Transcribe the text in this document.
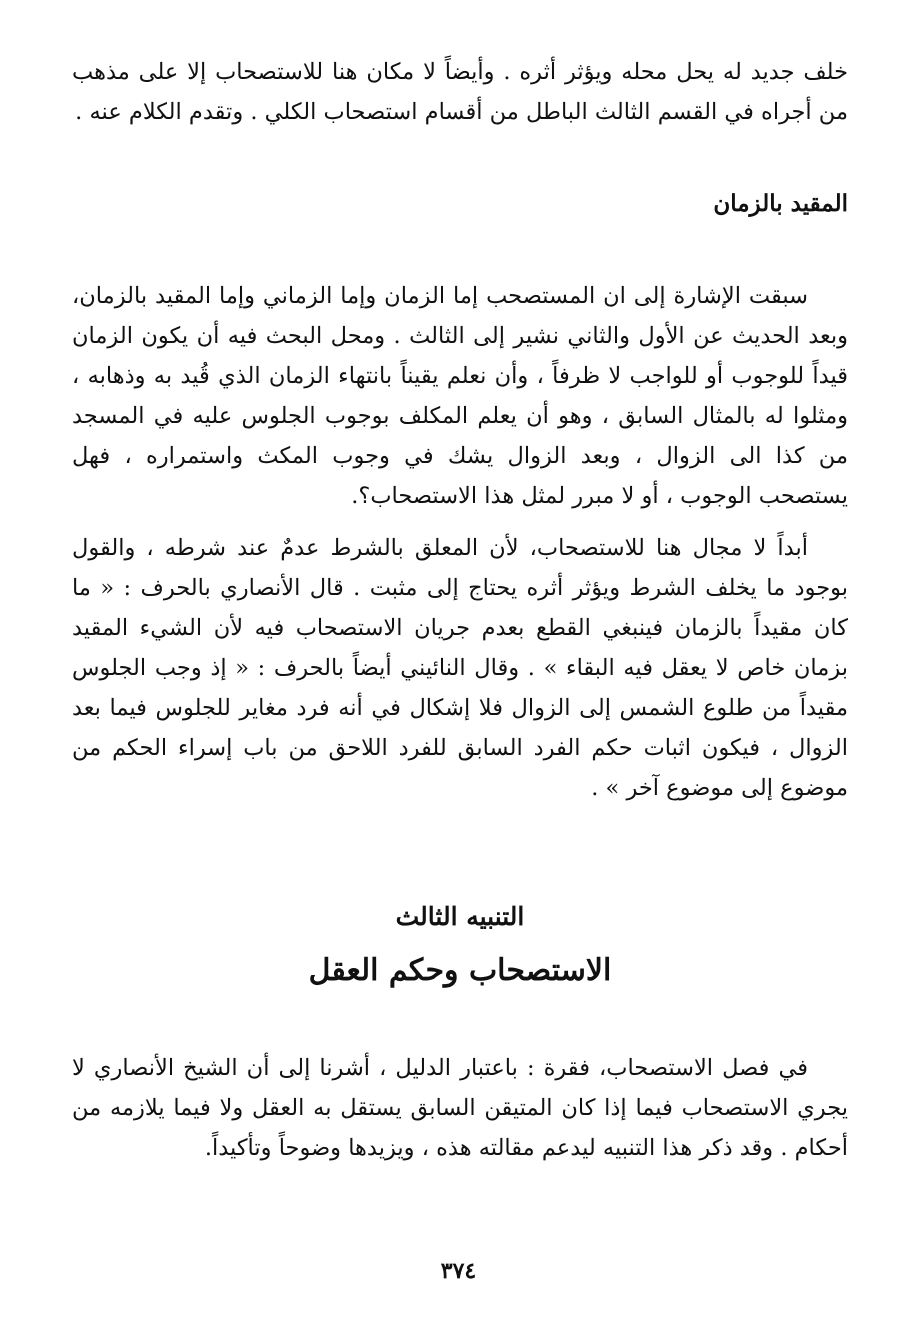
خلف جديد له يحل محله ويؤثر أثره . وأيضاً لا مكان هنا للاستصحاب إلا على مذهب من أجراه في القسم الثالث الباطل من أقسام استصحاب الكلي . وتقدم الكلام عنه .

المقيد بالزمان

سبقت الإشارة إلى ان المستصحب إما الزمان وإما الزماني وإما المقيد بالزمان، وبعد الحديث عن الأول والثاني نشير إلى الثالث . ومحل البحث فيه أن يكون الزمان قيداً للوجوب أو للواجب لا ظرفاً ، وأن نعلم يقيناً بانتهاء الزمان الذي قُيد به وذهابه ، ومثلوا له بالمثال السابق ، وهو أن يعلم المكلف بوجوب الجلوس عليه في المسجد من كذا الى الزوال ، وبعد الزوال يشك في وجوب المكث واستمراره ، فهل يستصحب الوجوب ، أو لا مبرر لمثل هذا الاستصحاب؟.

أبداً لا مجال هنا للاستصحاب، لأن المعلق بالشرط عدمٌ عند شرطه ، والقول بوجود ما يخلف الشرط ويؤثر أثره يحتاج إلى مثبت . قال الأنصاري بالحرف : « ما كان مقيداً بالزمان فينبغي القطع بعدم جريان الاستصحاب فيه لأن الشيء المقيد بزمان خاص لا يعقل فيه البقاء » . وقال النائيني أيضاً بالحرف : « إذ وجب الجلوس مقيداً من طلوع الشمس إلى الزوال فلا إشكال في أنه فرد مغاير للجلوس فيما بعد الزوال ، فيكون اثبات حكم الفرد السابق للفرد اللاحق من باب إسراء الحكم من موضوع إلى موضوع آخر » .

التنبيه الثالث
الاستصحاب وحكم العقل

في فصل الاستصحاب، فقرة : باعتبار الدليل ، أشرنا إلى أن الشيخ الأنصاري لا يجري الاستصحاب فيما إذا كان المتيقن السابق يستقل به العقل ولا فيما يلازمه من أحكام . وقد ذكر هذا التنبيه ليدعم مقالته هذه ، ويزيدها وضوحاً وتأكيداً.

٣٧٤
